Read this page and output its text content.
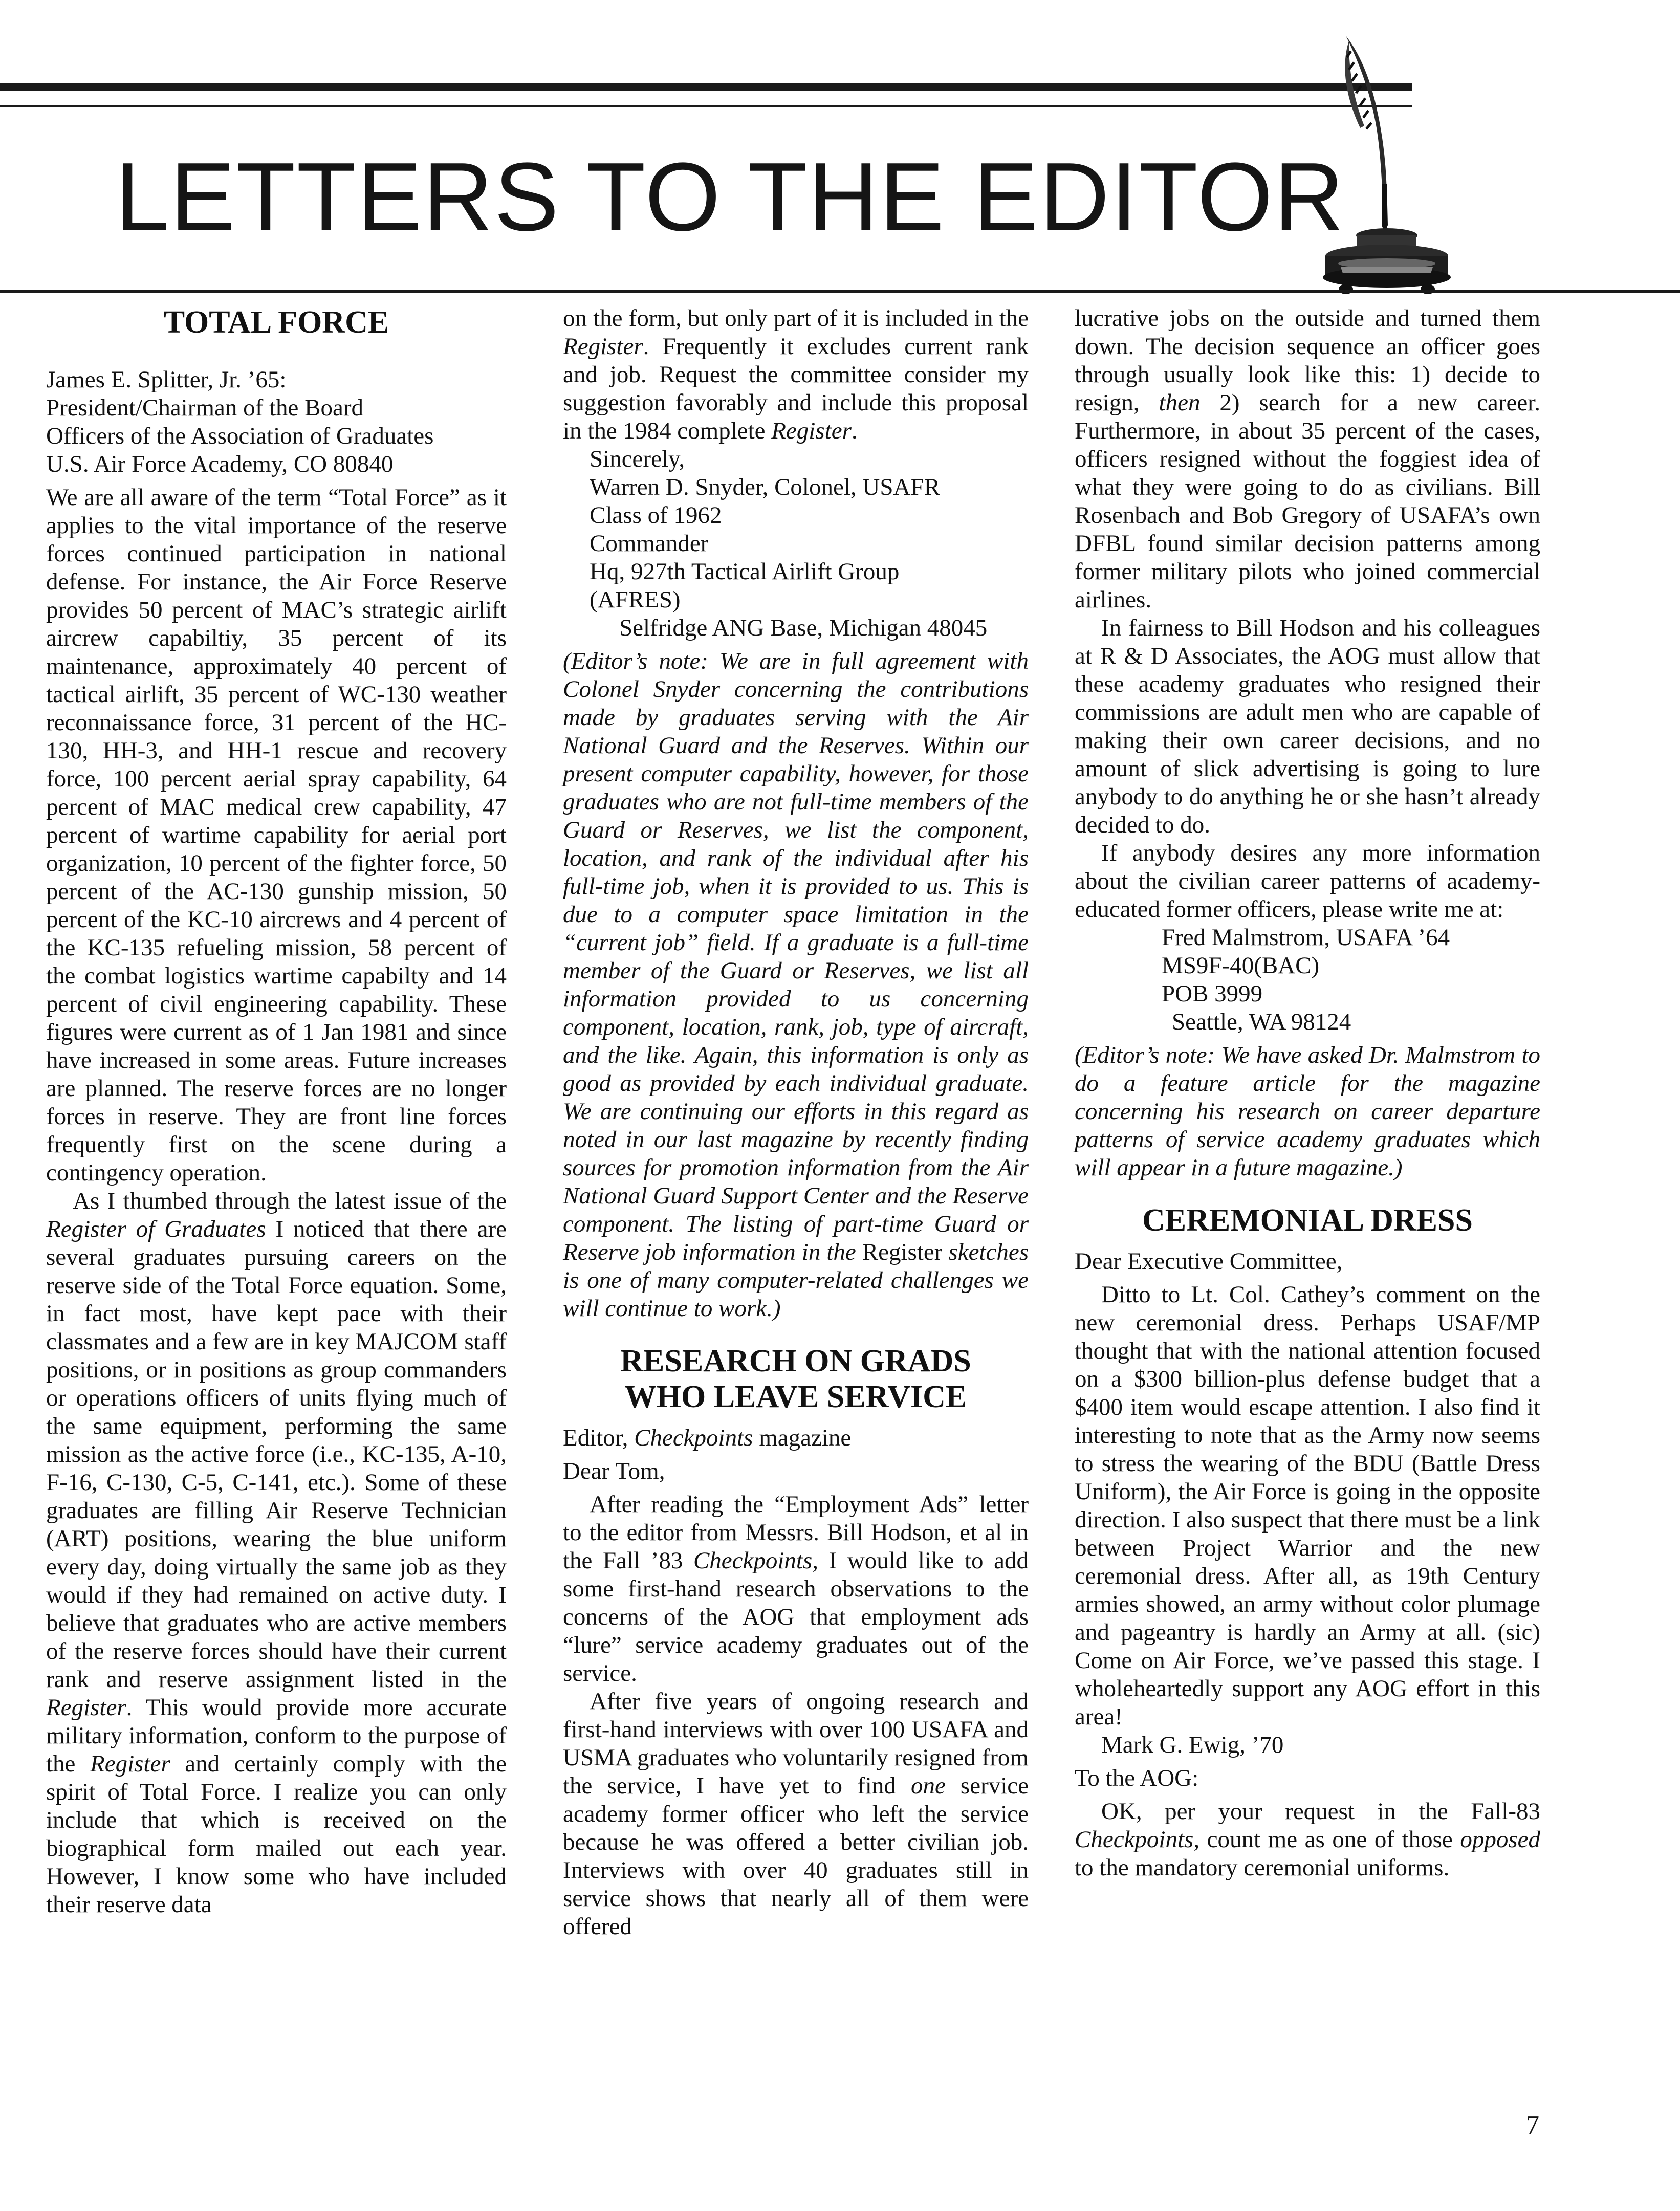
LETTERS TO THE EDITOR
TOTAL FORCE
James E. Splitter, Jr. ’65:
President/Chairman of the Board
Officers of the Association of Graduates
U.S. Air Force Academy, CO 80840

We are all aware of the term “Total Force” as it applies to the vital importance of the reserve forces continued participation in national defense. For instance, the Air Force Reserve provides 50 percent of MAC’s strategic airlift aircrew capabiltiy, 35 percent of its maintenance, approximately 40 percent of tactical airlift, 35 percent of WC-130 weather reconnaissance force, 31 percent of the HC-130, HH-3, and HH-1 rescue and recovery force, 100 percent aerial spray capability, 64 percent of MAC medical crew capability, 47 percent of wartime capability for aerial port organization, 10 percent of the fighter force, 50 percent of the AC-130 gunship mission, 50 percent of the KC-10 aircrews and 4 percent of the KC-135 refueling mission, 58 percent of the combat logistics wartime capabilty and 14 percent of civil engineering capability. These figures were current as of 1 Jan 1981 and since have increased in some areas. Future increases are planned. The reserve forces are no longer forces in reserve. They are front line forces frequently first on the scene during a contingency operation.

As I thumbed through the latest issue of the Register of Graduates I noticed that there are several graduates pursuing careers on the reserve side of the Total Force equation. Some, in fact most, have kept pace with their classmates and a few are in key MAJCOM staff positions, or in positions as group commanders or operations officers of units flying much of the same equipment, performing the same mission as the active force (i.e., KC-135, A-10, F-16, C-130, C-5, C-141, etc.). Some of these graduates are filling Air Reserve Technician (ART) positions, wearing the blue uniform every day, doing virtually the same job as they would if they had remained on active duty. I believe that graduates who are active members of the reserve forces should have their current rank and reserve assignment listed in the Register. This would provide more accurate military information, conform to the purpose of the Register and certainly comply with the spirit of Total Force. I realize you can only include that which is received on the biographical form mailed out each year. However, I know some who have included their reserve data

on the form, but only part of it is included in the Register. Frequently it excludes current rank and job. Request the committee consider my suggestion favorably and include this proposal in the 1984 complete Register.

Sincerely,
Warren D. Snyder, Colonel, USAFR
Class of 1962
Commander
Hq, 927th Tactical Airlift Group
(AFRES)
Selfridge ANG Base, Michigan 48045

(Editor’s note: We are in full agreement with Colonel Snyder concerning the contributions made by graduates serving with the Air National Guard and the Reserves. Within our present computer capability, however, for those graduates who are not full-time members of the Guard or Reserves, we list the component, location, and rank of the individual after his full-time job, when it is provided to us. This is due to a computer space limitation in the “current job” field. If a graduate is a full-time member of the Guard or Reserves, we list all information provided to us concerning component, location, rank, job, type of aircraft, and the like. Again, this information is only as good as provided by each individual graduate. We are continuing our efforts in this regard as noted in our last magazine by recently finding sources for promotion information from the Air National Guard Support Center and the Reserve component. The listing of part-time Guard or Reserve job information in the Register sketches is one of many computer-related challenges we will continue to work.)

RESEARCH ON GRADS
WHO LEAVE SERVICE
Editor, Checkpoints magazine
Dear Tom,

After reading the “Employment Ads” letter to the editor from Messrs. Bill Hodson, et al in the Fall ’83 Checkpoints, I would like to add some first-hand research observations to the concerns of the AOG that employment ads “lure” service academy graduates out of the service.

After five years of ongoing research and first-hand interviews with over 100 USAFA and USMA graduates who voluntarily resigned from the service, I have yet to find one service academy former officer who left the service because he was offered a better civilian job. Interviews with over 40 graduates still in service shows that nearly all of them were offered

lucrative jobs on the outside and turned them down. The decision sequence an officer goes through usually look like this: 1) decide to resign, then 2) search for a new career. Furthermore, in about 35 percent of the cases, officers resigned without the foggiest idea of what they were going to do as civilians. Bill Rosenbach and Bob Gregory of USAFA’s own DFBL found similar decision patterns among former military pilots who joined commercial airlines.

In fairness to Bill Hodson and his colleagues at R & D Associates, the AOG must allow that these academy graduates who resigned their commissions are adult men who are capable of making their own career decisions, and no amount of slick advertising is going to lure anybody to do anything he or she hasn’t already decided to do.

If anybody desires any more information about the civilian career patterns of academy-educated former officers, please write me at:

Fred Malmstrom, USAFA ’64
MS9F-40(BAC)
POB 3999
Seattle, WA 98124

(Editor’s note: We have asked Dr. Malmstrom to do a feature article for the magazine concerning his research on career departure patterns of service academy graduates which will appear in a future magazine.)

CEREMONIAL DRESS
Dear Executive Committee,

Ditto to Lt. Col. Cathey’s comment on the new ceremonial dress. Perhaps USAF/MP thought that with the national attention focused on a $300 billion-plus defense budget that a $400 item would escape attention. I also find it interesting to note that as the Army now seems to stress the wearing of the BDU (Battle Dress Uniform), the Air Force is going in the opposite direction. I also suspect that there must be a link between Project Warrior and the new ceremonial dress. After all, as 19th Century armies showed, an army without color plumage and pageantry is hardly an Army at all. (sic) Come on Air Force, we’ve passed this stage. I wholeheartedly support any AOG effort in this area!

Mark G. Ewig, ’70
To the AOG:

OK, per your request in the Fall-83 Checkpoints, count me as one of those opposed to the mandatory ceremonial uniforms.

7
